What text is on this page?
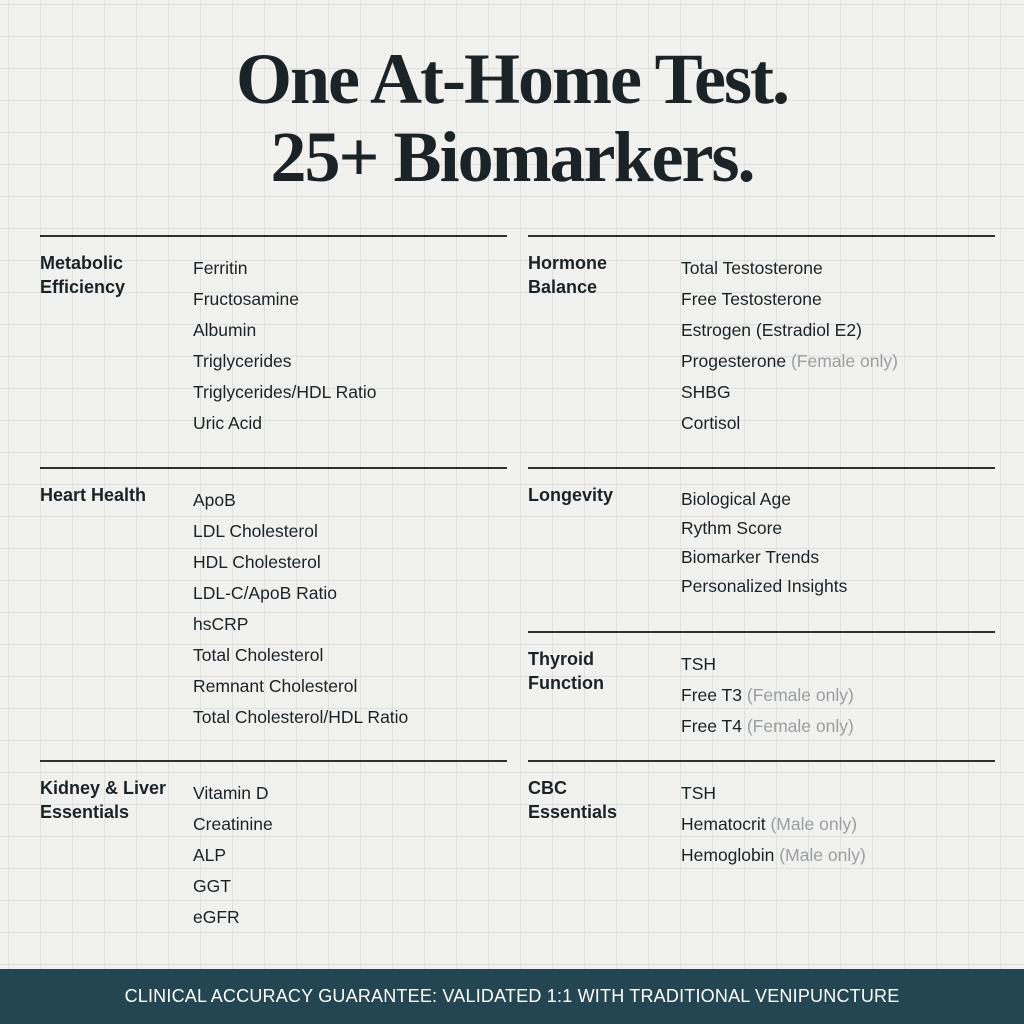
One At-Home Test.
25+ Biomarkers.
Metabolic
Efficiency
Ferritin
Fructosamine
Albumin
Triglycerides
Triglycerides/HDL Ratio
Uric Acid
Hormone
Balance
Total Testosterone
Free Testosterone
Estrogen (Estradiol E2)
Progesterone (Female only)
SHBG
Cortisol
Heart Health	ApoB
LDL Cholesterol
HDL Cholesterol
LDL-C/ApoB Ratio
hsCRP
Total Cholesterol
Remnant Cholesterol
Total Cholesterol/HDL Ratio
Longevity	Biological Age
Rythm Score
Biomarker Trends
Personalized Insights
Thyroid
Function
TSH
Free T3 (Female only)
Free T4 (Female only)
Kidney & Liver
Essentials
Vitamin D
Creatinine
ALP
GGT
eGFR
CBC
Essentials
TSH
Hematocrit (Male only)
Hemoglobin (Male only)
CLINICAL ACCURACY GUARANTEE: VALIDATED 1:1 WITH TRADITIONAL VENIPUNCTURE
